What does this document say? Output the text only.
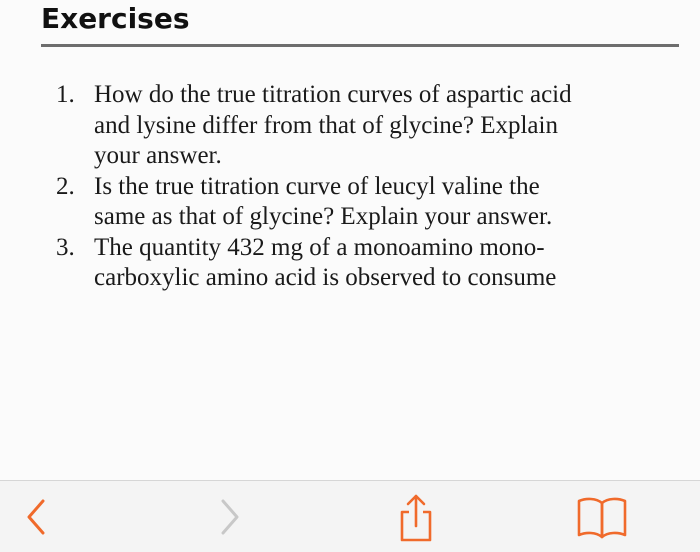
Exercises
1. How do the true titration curves of aspartic acid
and lysine differ from that of glycine? Explain
your answer.
2. Is the true titration curve of leucyl valine the
same as that of glycine? Explain your answer.
3. The quantity 432 mg of a monoamino mono-
carboxylic amino acid is observed to consume
